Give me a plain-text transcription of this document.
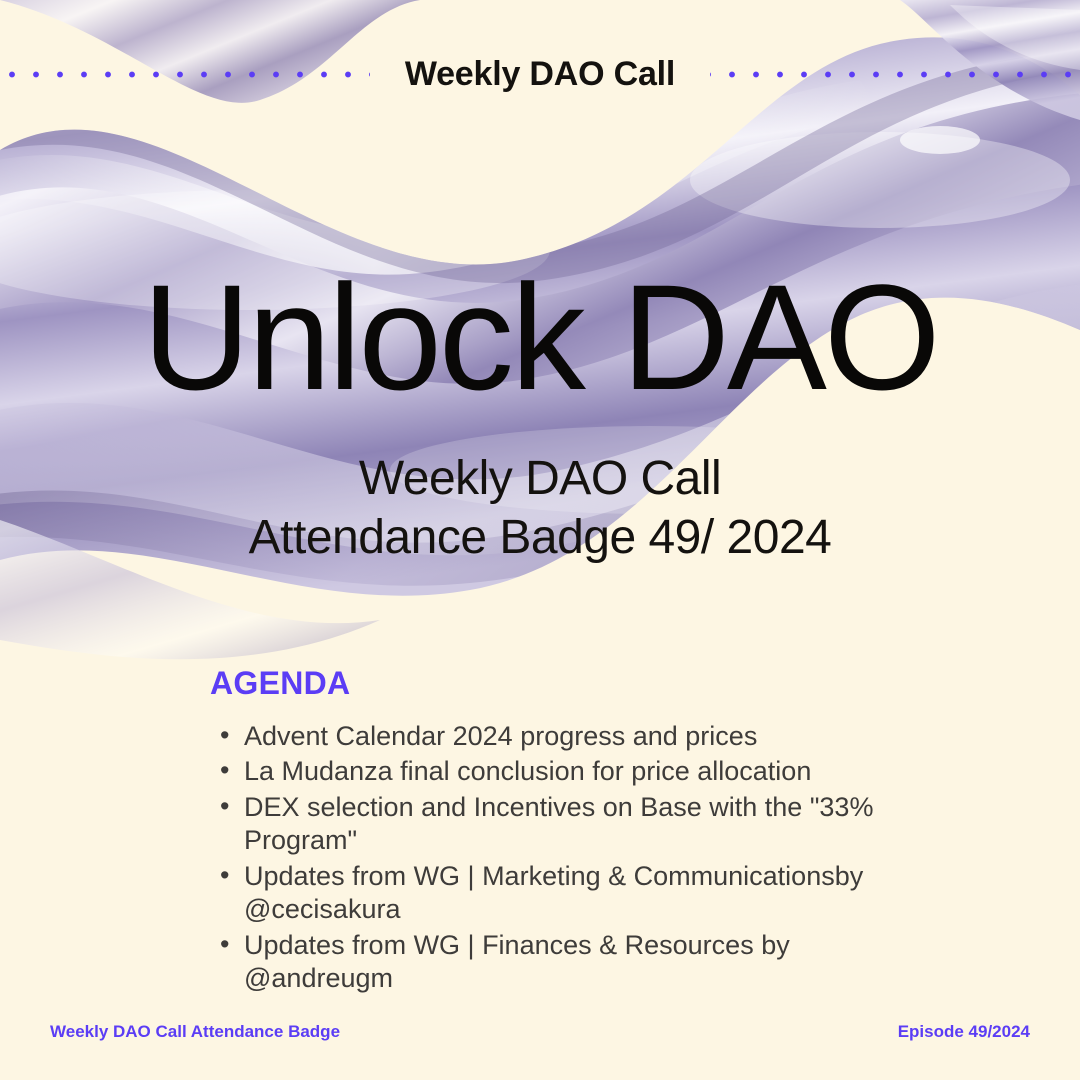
Weekly DAO Call
Unlock DAO
Weekly DAO Call
Attendance Badge 49/ 2024
AGENDA
• Advent Calendar 2024 progress and prices
• La Mudanza final conclusion for price allocation
• DEX selection and Incentives on Base with the "33% Program"
• Updates from WG | Marketing & Communicationsby @cecisakura
• Updates from WG | Finances & Resources by @andreugm
Weekly DAO Call Attendance Badge	Episode 49/2024
